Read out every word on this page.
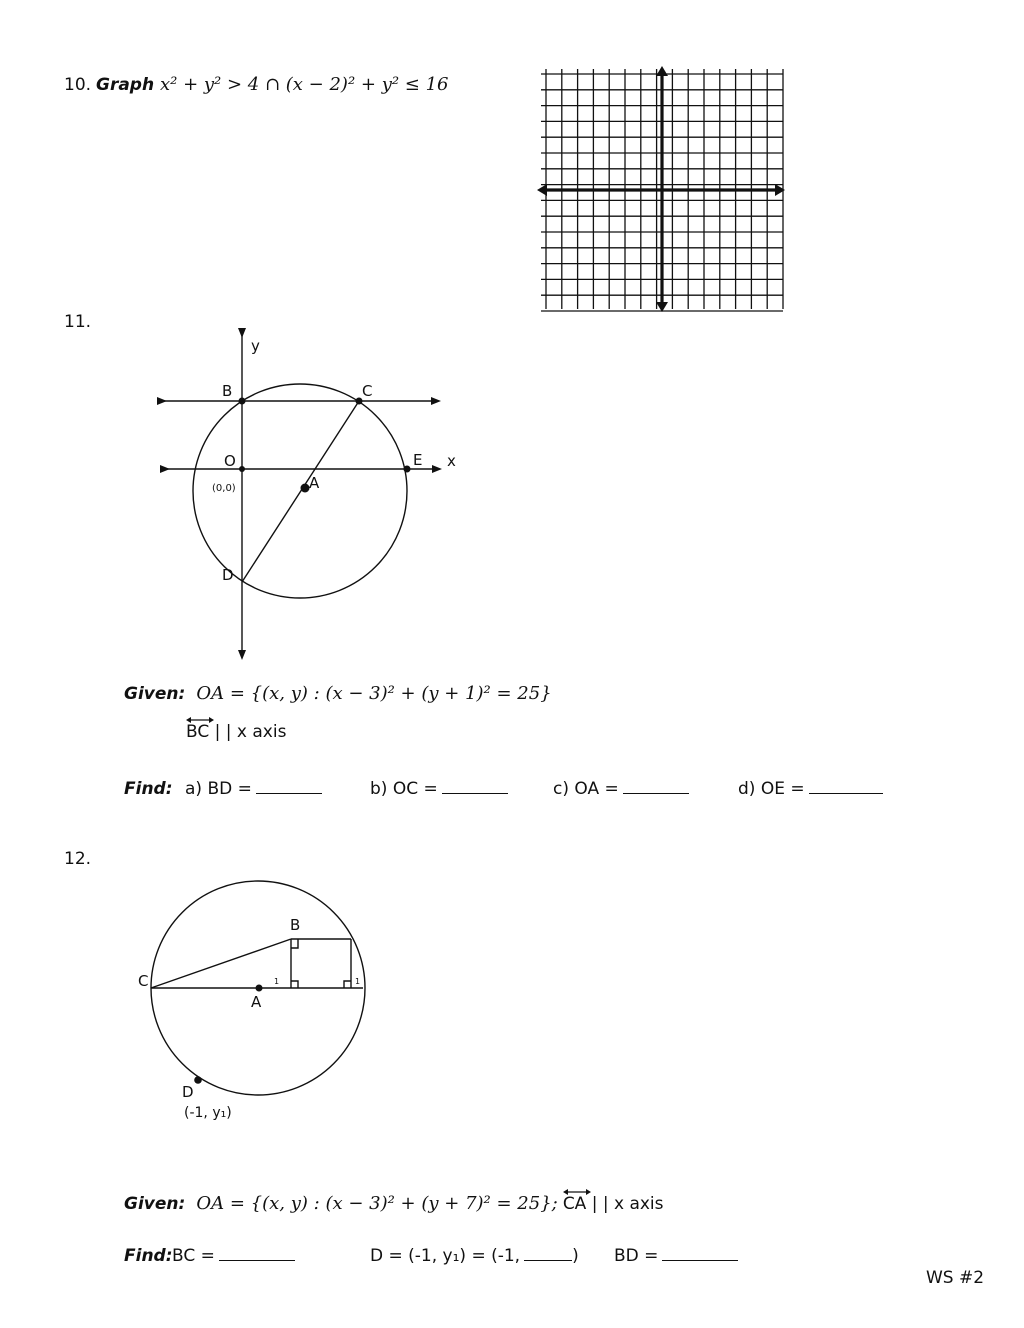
10. Graph x² + y² > 4 ∩ (x − 2)² + y² ≤ 16
11.
y
B	C
O	E x
A
D
(0,0)
Given: OA = {(x, y) : (x − 3)² + (y + 1)² = 25}
BC | | x axis
Find: a) BD =	b) OC =	c) OA =	d) OE =
12.
B
A
C
D
(-1, y₁)
1	1
Given: OA = {(x, y) : (x − 3)² + (y + 7)² = 25}; CA | | x axis
Find: BC =	D = (-1, y₁) = (-1,	) BD =
WS #2
